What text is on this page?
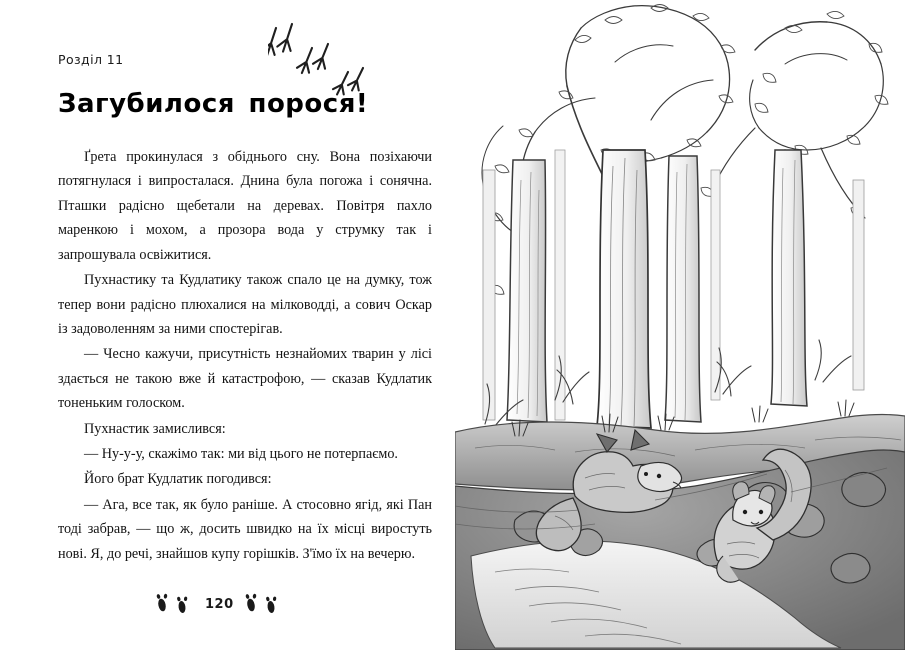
Розділ 11
Загубилося порося!

Ґрета прокинулася з обіднього сну. Вона позіхаючи потягнулася і випросталася. Днина була погожа і сонячна. Пташки радісно щебетали на деревах. Повітря пахло маренкою і мохом, а прозора вода у струмку так і запрошувала освіжитися.

Пухнастику та Кудлатику також спало це на думку, тож тепер вони радісно плюхалися на мілководді, а сович Оскар із задоволенням за ними спостерігав.

— Чесно кажучи, присутність незнайомих тварин у лісі здається не такою вже й катастрофою, — сказав Кудлатик тоненьким голоском.

Пухнастик замислився:

— Ну-у-у, скажімо так: ми від цього не потерпаємо.

Його брат Кудлатик погодився:

— Ага, все так, як було раніше. А стосовно ягід, які Пан тоді забрав, — що ж, досить швидко на їх місці виростуть нові. Я, до речі, знайшов купу горішків. З'їмо їх на вечерю.

120
